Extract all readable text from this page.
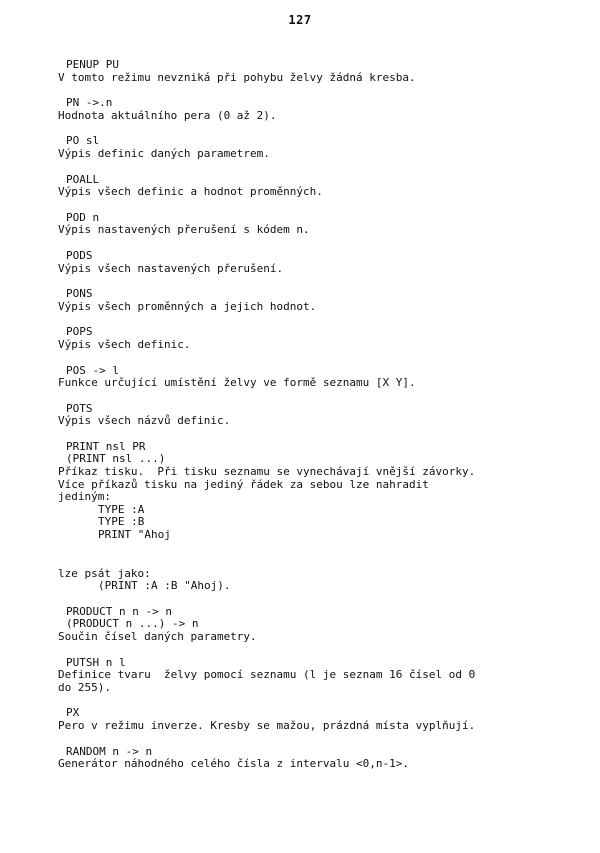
127
PENUP PU
V tomto režimu nevzniká při pohybu želvy žádná kresba.
PN ->.n
Hodnota aktuálního pera (0 až 2).
PO sl
Výpis definic daných parametrem.
POALL
Výpis všech definic a hodnot proměnných.
POD n
Výpis nastavených přerušení s kódem n.
PODS
Výpis všech nastavených přerušení.
PONS
Výpis všech proměnných a jejich hodnot.
POPS
Výpis všech definic.
POS -> l
Funkce určující umístění želvy ve formě seznamu [X Y].
POTS
Výpis všech názvů definic.
PRINT nsl PR
(PRINT nsl ...)
Příkaz tisku.  Při tisku seznamu se vynechávají vnější závorky.
Více příkazů tisku na jediný řádek za sebou lze nahradit
jediným:
TYPE :A
TYPE :B
PRINT "Ahoj
lze psát jako:
(PRINT :A :B "Ahoj).
PRODUCT n n -> n
(PRODUCT n ...) -> n
Součin čísel daných parametry.
PUTSH n l
Definice tvaru  želvy pomocí seznamu (l je seznam 16 čísel od 0
do 255).
PX
Pero v režimu inverze. Kresby se mažou, prázdná místa vyplňují.
RANDOM n -> n
Generátor náhodného celého čísla z intervalu <0,n-1>.
